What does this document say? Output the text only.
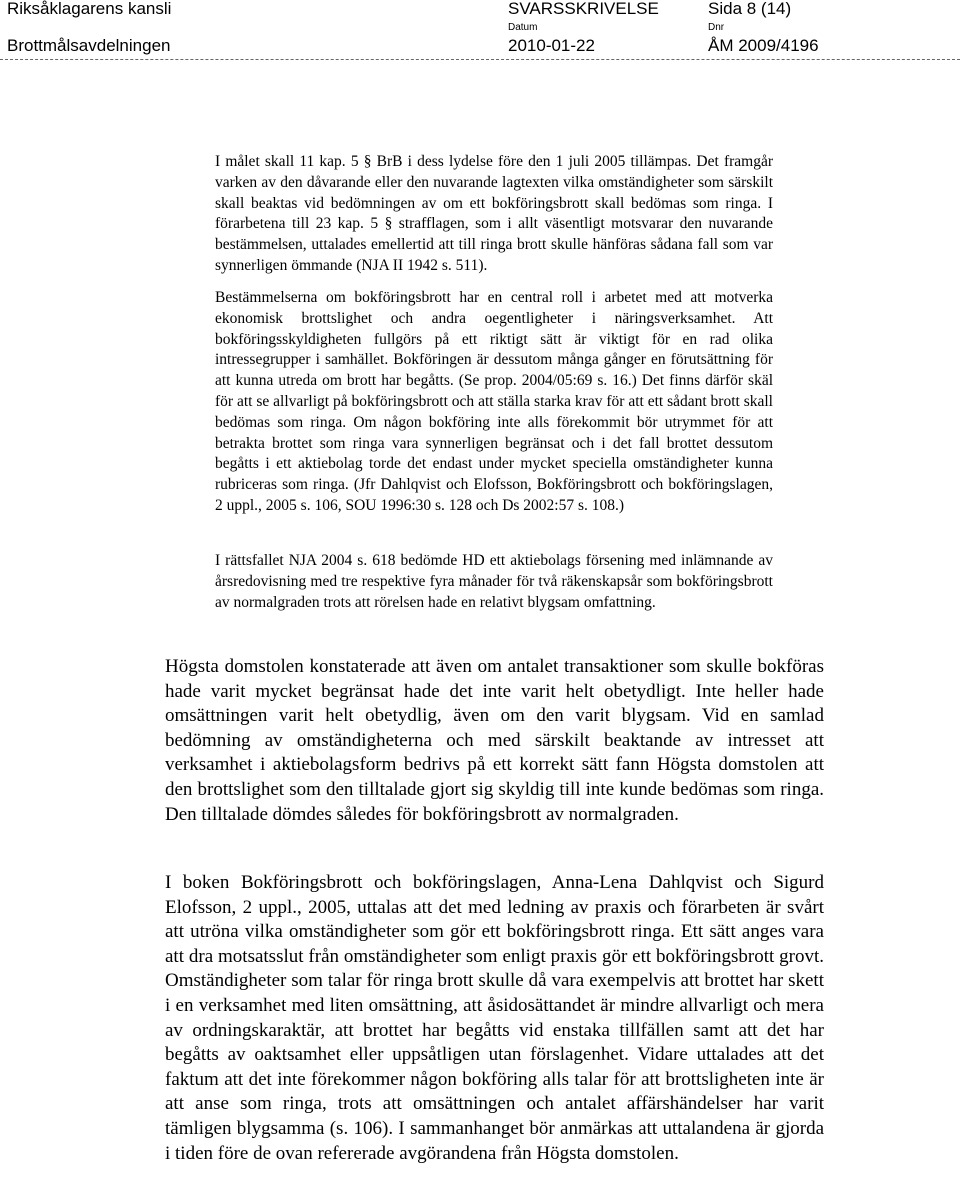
Riksåklagarens kansli
Brottmålsavdelningen
SVARSSKRIVELSE	Sida 8 (14)
Datum	Dnr
2010-01-22	ÅM 2009/4196
I målet skall 11 kap. 5 § BrB i dess lydelse före den 1 juli 2005 tillämpas. Det framgår varken av den dåvarande eller den nuvarande lagtexten vilka omständigheter som särskilt skall beaktas vid bedömningen av om ett bokföringsbrott skall bedömas som ringa. I förarbetena till 23 kap. 5 § strafflagen, som i allt väsentligt motsvarar den nuvarande bestämmelsen, uttalades emellertid att till ringa brott skulle hänföras sådana fall som var synnerligen ömmande (NJA II 1942 s. 511).
Bestämmelserna om bokföringsbrott har en central roll i arbetet med att motverka ekonomisk brottslighet och andra oegentligheter i näringsverksamhet. Att bokföringsskyldigheten fullgörs på ett riktigt sätt är viktigt för en rad olika intressegrupper i samhället. Bokföringen är dessutom många gånger en förutsättning för att kunna utreda om brott har begåtts. (Se prop. 2004/05:69 s. 16.) Det finns därför skäl för att se allvarligt på bokföringsbrott och att ställa starka krav för att ett sådant brott skall bedömas som ringa. Om någon bokföring inte alls förekommit bör utrymmet för att betrakta brottet som ringa vara synnerligen begränsat och i det fall brottet dessutom begåtts i ett aktiebolag torde det endast under mycket speciella omständigheter kunna rubriceras som ringa. (Jfr Dahlqvist och Elofsson, Bokföringsbrott och bokföringslagen, 2 uppl., 2005 s. 106, SOU 1996:30 s. 128 och Ds 2002:57 s. 108.)
I rättsfallet NJA 2004 s. 618 bedömde HD ett aktiebolags försening med inlämnande av årsredovisning med tre respektive fyra månader för två räkenskapsår som bokföringsbrott av normalgraden trots att rörelsen hade en relativt blygsam omfattning.
Högsta domstolen konstaterade att även om antalet transaktioner som skulle bokföras hade varit mycket begränsat hade det inte varit helt obetydligt. Inte heller hade omsättningen varit helt obetydlig, även om den varit blygsam. Vid en samlad bedömning av omständigheterna och med särskilt beaktande av intresset att verksamhet i aktiebolagsform bedrivs på ett korrekt sätt fann Högsta domstolen att den brottslighet som den tilltalade gjort sig skyldig till inte kunde bedömas som ringa. Den tilltalade dömdes således för bokföringsbrott av normalgraden.
I boken Bokföringsbrott och bokföringslagen, Anna-Lena Dahlqvist och Sigurd Elofsson, 2 uppl., 2005, uttalas att det med ledning av praxis och förarbeten är svårt att utröna vilka omständigheter som gör ett bokföringsbrott ringa. Ett sätt anges vara att dra motsatsslut från omständigheter som enligt praxis gör ett bokföringsbrott grovt. Omständigheter som talar för ringa brott skulle då vara exempelvis att brottet har skett i en verksamhet med liten omsättning, att åsidosättandet är mindre allvarligt och mera av ordningskaraktär, att brottet har begåtts vid enstaka tillfällen samt att det har begåtts av oaktsamhet eller uppsåtligen utan förslagenhet. Vidare uttalades att det faktum att det inte förekommer någon bokföring alls talar för att brottsligheten inte är att anse som ringa, trots att omsättningen och antalet affärshändelser har varit tämligen blygsamma (s. 106). I sammanhanget bör anmärkas att uttalandena är gjorda i tiden före de ovan refererade avgörandena från Högsta domstolen.
